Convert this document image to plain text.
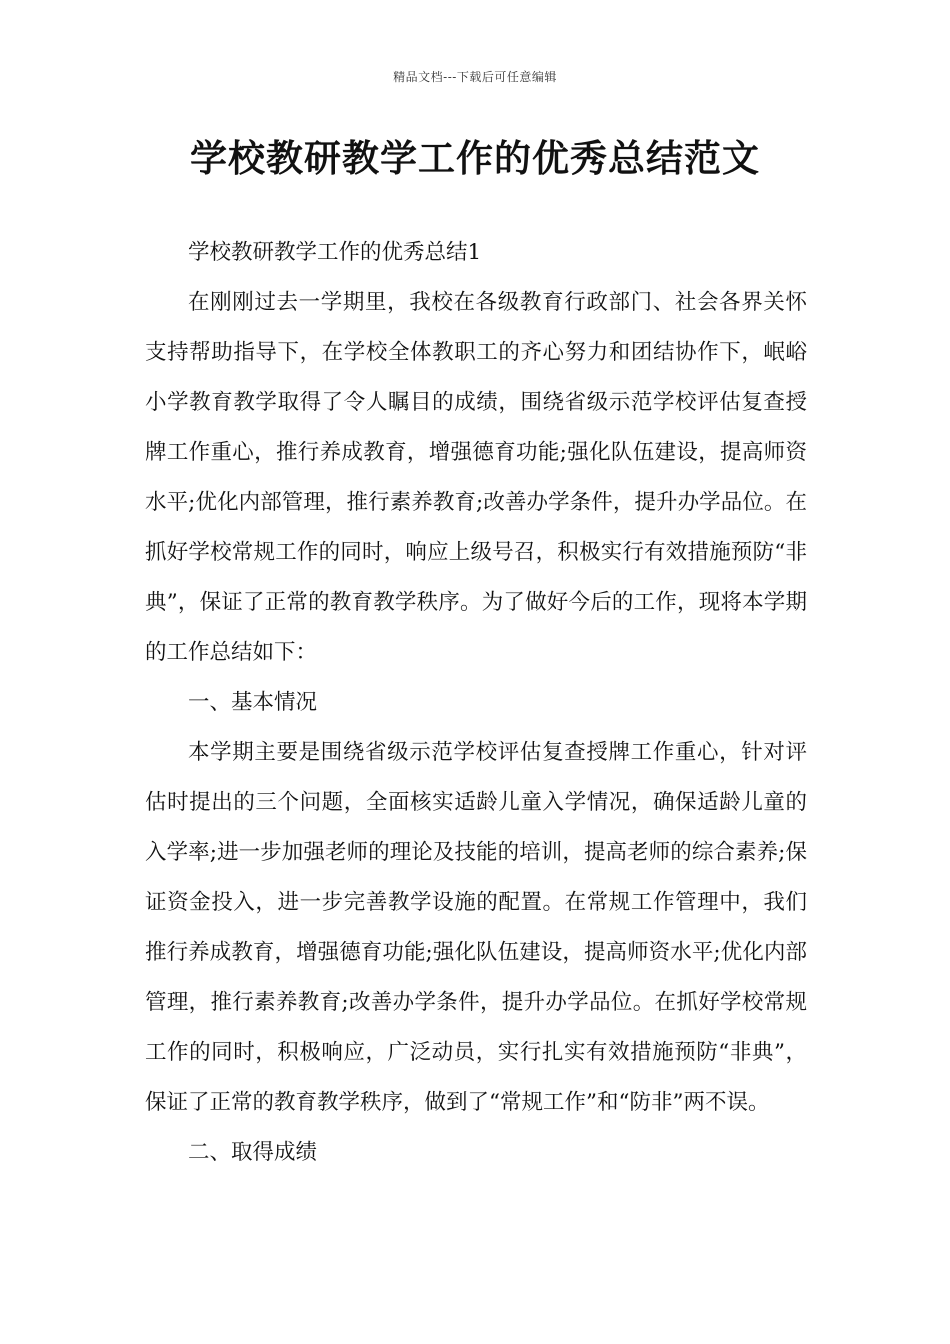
精品文档---下载后可任意编辑
学校教研教学工作的优秀总结范文

学校教研教学工作的优秀总结1

在刚刚过去一学期里，我校在各级教育行政部门、社会各界关怀支持帮助指导下，在学校全体教职工的齐心努力和团结协作下，岷峪小学教育教学取得了令人瞩目的成绩，围绕省级示范学校评估复查授牌工作重心，推行养成教育，增强德育功能;强化队伍建设，提高师资水平;优化内部管理，推行素养教育;改善办学条件，提升办学品位。在抓好学校常规工作的同时，响应上级号召，积极实行有效措施预防“非典”，保证了正常的教育教学秩序。为了做好今后的工作，现将本学期的工作总结如下：

一、基本情况

本学期主要是围绕省级示范学校评估复查授牌工作重心，针对评估时提出的三个问题，全面核实适龄儿童入学情况，确保适龄儿童的入学率;进一步加强老师的理论及技能的培训，提高老师的综合素养;保证资金投入，进一步完善教学设施的配置。在常规工作管理中，我们推行养成教育，增强德育功能;强化队伍建设，提高师资水平;优化内部管理，推行素养教育;改善办学条件，提升办学品位。在抓好学校常规工作的同时，积极响应，广泛动员，实行扎实有效措施预防“非典”，保证了正常的教育教学秩序，做到了“常规工作”和“防非”两不误。

二、取得成绩
